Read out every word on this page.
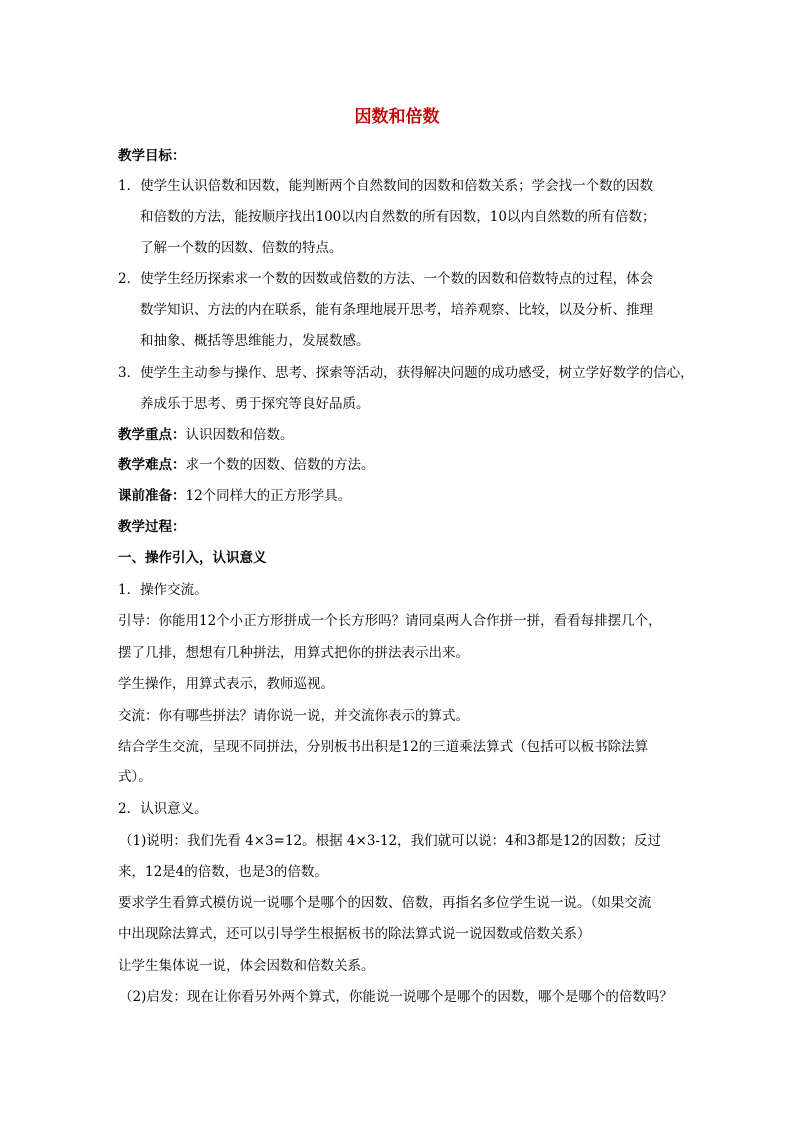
因数和倍数
教学目标：
1．使学生认识倍数和因数，能判断两个自然数间的因数和倍数关系；学会找一个数的因数
和倍数的方法，能按顺序找出100以内自然数的所有因数，10以内自然数的所有倍数；
了解一个数的因数、倍数的特点。
2．使学生经历探索求一个数的因数或倍数的方法、一个数的因数和倍数特点的过程，体会
数学知识、方法的内在联系，能有条理地展开思考，培养观察、比较，以及分析、推理
和抽象、概括等思维能力，发展数感。
3．使学生主动参与操作、思考、探索等活动，获得解决问题的成功感受，树立学好数学的信心，
养成乐于思考、勇于探究等良好品质。
教学重点：认识因数和倍数。
教学难点：求一个数的因数、倍数的方法。
课前准备：12个同样大的正方形学具。
教学过程：
一、操作引入，认识意义
1．操作交流。
引导：你能用12个小正方形拼成一个长方形吗？请同桌两人合作拼一拼，看看每排摆几个，
摆了几排，想想有几种拼法，用算式把你的拼法表示出来。
学生操作，用算式表示，教师巡视。
交流：你有哪些拼法？请你说一说，并交流你表示的算式。
结合学生交流，呈现不同拼法，分别板书出积是12的三道乘法算式（包括可以板书除法算
式）。
2．认识意义。
（1)说明：我们先看 4×3=12。根据 4×3-12，我们就可以说：4和3都是12的因数；反过
来，12是4的倍数，也是3的倍数。
要求学生看算式模仿说一说哪个是哪个的因数、倍数，再指名多位学生说一说。（如果交流
中出现除法算式，还可以引导学生根据板书的除法算式说一说因数或倍数关系）
让学生集体说一说，体会因数和倍数关系。
（2)启发：现在让你看另外两个算式，你能说一说哪个是哪个的因数，哪个是哪个的倍数吗？
